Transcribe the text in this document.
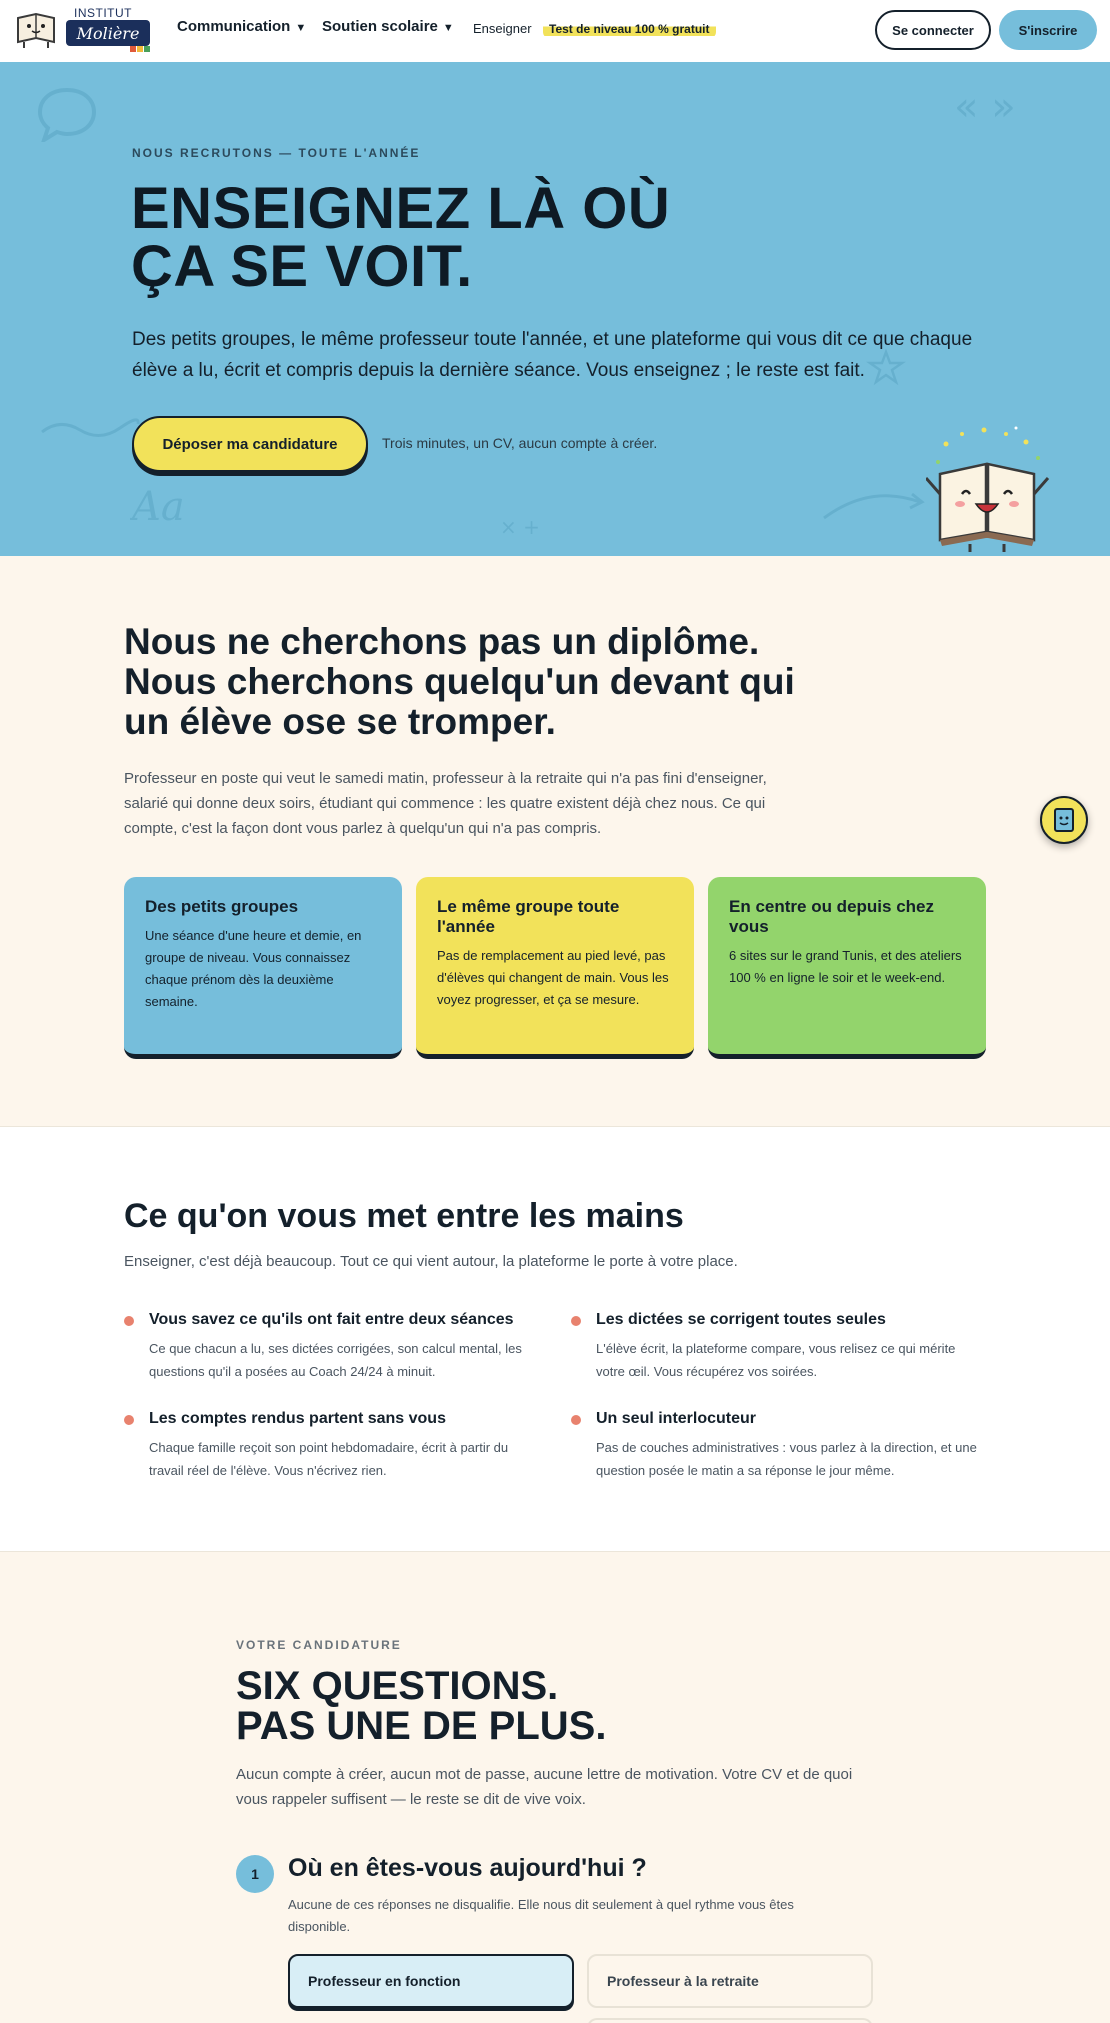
INSTITUT
Molière	Communication ▼ Soutien scolaire ▼ Enseigner	Test de niveau 100 % gratuit	Se connecter	S'inscrire
« »
Aa	× +
NOUS RECRUTONS — TOUTE L'ANNÉE
ENSEIGNEZ LÀ OÙ
ÇA SE VOIT.
Des petits groupes, le même professeur toute l'année, et une plateforme qui vous dit ce que chaque élève a lu, écrit et compris depuis la dernière séance. Vous enseignez ; le reste est fait.
Déposer ma candidature	Trois minutes, un CV, aucun compte à créer.
Nous ne cherchons pas un diplôme.
Nous cherchons quelqu'un devant qui
un élève ose se tromper.
Professeur en poste qui veut le samedi matin, professeur à la retraite qui n'a pas fini d'enseigner, salarié qui donne deux soirs, étudiant qui commence : les quatre existent déjà chez nous. Ce qui compte, c'est la façon dont vous parlez à quelqu'un qui n'a pas compris.
Des petits groupes

Une séance d'une heure et demie, en groupe de niveau. Vous connaissez chaque prénom dès la deuxième semaine.

Le même groupe toute l'année

Pas de remplacement au pied levé, pas d'élèves qui changent de main. Vous les voyez progresser, et ça se mesure.

En centre ou depuis chez vous

6 sites sur le grand Tunis, et des ateliers 100 % en ligne le soir et le week-end.

Ce qu'on vous met entre les mains
Enseigner, c'est déjà beaucoup. Tout ce qui vient autour, la plateforme le porte à votre place.
Vous savez ce qu'ils ont fait entre deux séances

Ce que chacun a lu, ses dictées corrigées, son calcul mental, les questions qu'il a posées au Coach 24/24 à minuit.

Les dictées se corrigent toutes seules

L'élève écrit, la plateforme compare, vous relisez ce qui mérite votre œil. Vous récupérez vos soirées.

Les comptes rendus partent sans vous

Chaque famille reçoit son point hebdomadaire, écrit à partir du travail réel de l'élève. Vous n'écrivez rien.

Un seul interlocuteur

Pas de couches administratives : vous parlez à la direction, et une question posée le matin a sa réponse le jour même.

VOTRE CANDIDATURE
SIX QUESTIONS.
PAS UNE DE PLUS.
Aucun compte à créer, aucun mot de passe, aucune lettre de motivation. Votre CV et de quoi vous rappeler suffisent — le reste se dit de vive voix.
1	Où en êtes-vous aujourd'hui ?
Aucune de ces réponses ne disqualifie. Elle nous dit seulement à quel rythme vous êtes disponible.
Professeur en fonction	Professeur à la retraite
